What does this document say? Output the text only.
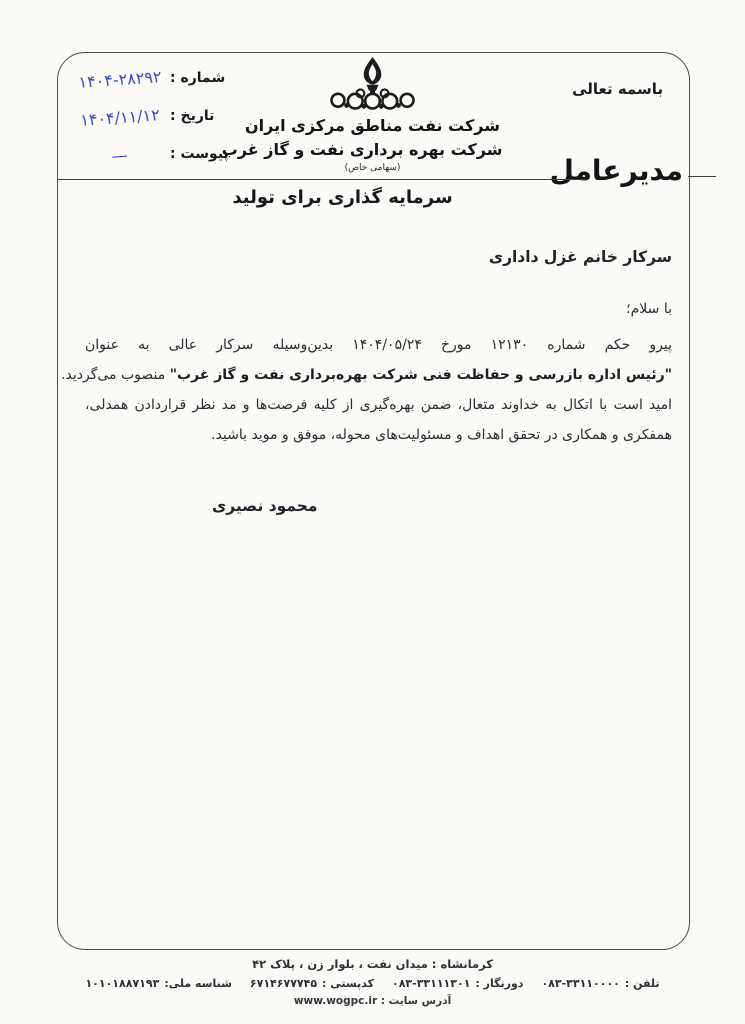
شماره :
۱۴۰۴-۲۸۲۹۲
تاریخ :
۱۴۰۴/۱۱/۱۲
پیوست :
—
شرکت نفت مناطق مرکزی ایران
شرکت بهره برداری نفت و گاز غرب
(سهامی خاص)
باسمه تعالی
مدیرعامل
سرمایه گذاری برای تولید
سرکار خانم غزل داداری
با سلام؛
پیرو حکم شماره ۱۲۱۳۰ مورخ ۱۴۰۴/۰۵/۲۴ بدین‌وسیله سرکار عالی به عنوان
"رئیس اداره بازرسی و حفاظت فنی شرکت بهره‌برداری نفت و گاز غرب" منصوب می‌گردید.
امید است با اتکال به خداوند متعال، ضمن بهره‌گیری از کلیه فرصت‌ها و مد نظر قراردادن همدلی،
همفکری و همکاری در تحقق اهداف و مسئولیت‌های محوله، موفق و موید باشید.
محمود نصیری
کرمانشاه : میدان نفت ، بلوار زن ، پلاک ۴۲
تلفن :
۰۸۳-۳۳۱۱۰۰۰۰
دورنگار :
۰۸۳-۳۳۱۱۱۳۰۱
کدپستی :
۶۷۱۴۶۷۷۷۴۵
شناسه ملی:
۱۰۱۰۱۸۸۷۱۹۳
آدرس سایت : www.wogpc.ir
